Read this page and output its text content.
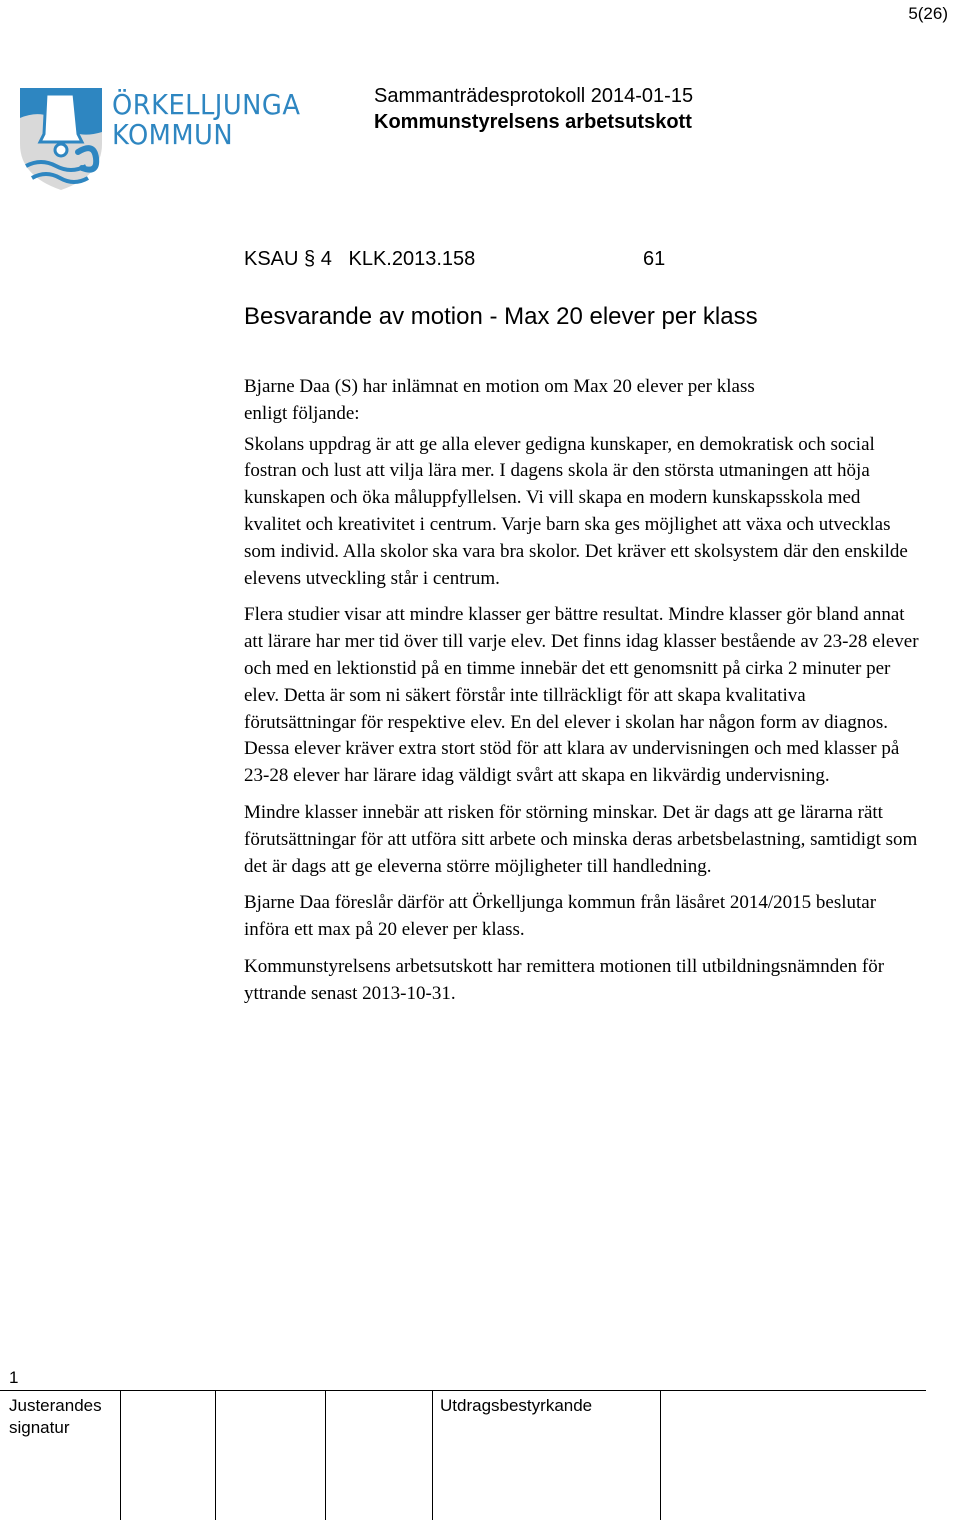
5(26)
ÖRKELLJUNGA
KOMMUN
Sammanträdesprotokoll 2014-01-15
Kommunstyrelsens arbetsutskott
KSAU § 4   KLK.2013.158	61
Besvarande av motion - Max 20 elever per klass

Bjarne Daa (S) har inlämnat en motion om Max 20 elever per klass

enligt följande:

Skolans uppdrag är att ge alla elever gedigna kunskaper, en demokratisk och social fostran och lust att vilja lära mer. I dagens skola är den största utmaningen att höja kunskapen och öka måluppfyllelsen. Vi vill skapa en modern kunskapsskola med kvalitet och kreativitet i centrum. Varje barn ska ges möjlighet att växa och utvecklas som individ. Alla skolor ska vara bra skolor. Det kräver ett skolsystem där den enskilde elevens utveckling står i centrum.

Flera studier visar att mindre klasser ger bättre resultat. Mindre klasser gör bland annat att lärare har mer tid över till varje elev. Det finns idag klasser bestående av 23-28 elever och med en lektionstid på en timme innebär det ett genomsnitt på cirka 2 minuter per elev. Detta är som ni säkert förstår inte tillräckligt för att skapa kvalitativa förutsättningar för respektive elev. En del elever i skolan har någon form av diagnos. Dessa elever kräver extra stort stöd för att klara av undervisningen och med klasser på 23-28 elever har lärare idag väldigt svårt att skapa en likvärdig undervisning.

Mindre klasser innebär att risken för störning minskar. Det är dags att ge lärarna rätt förutsättningar för att utföra sitt arbete och minska deras arbetsbelastning, samtidigt som det är dags att ge eleverna större möjligheter till handledning.

Bjarne Daa föreslår därför att Örkelljunga kommun från läsåret 2014/2015 beslutar införa ett max på 20 elever per klass.

Kommunstyrelsens arbetsutskott har remittera motionen till utbildningsnämnden för yttrande senast 2013-10-31.

1
Justerandes
signatur
Utdragsbestyrkande
